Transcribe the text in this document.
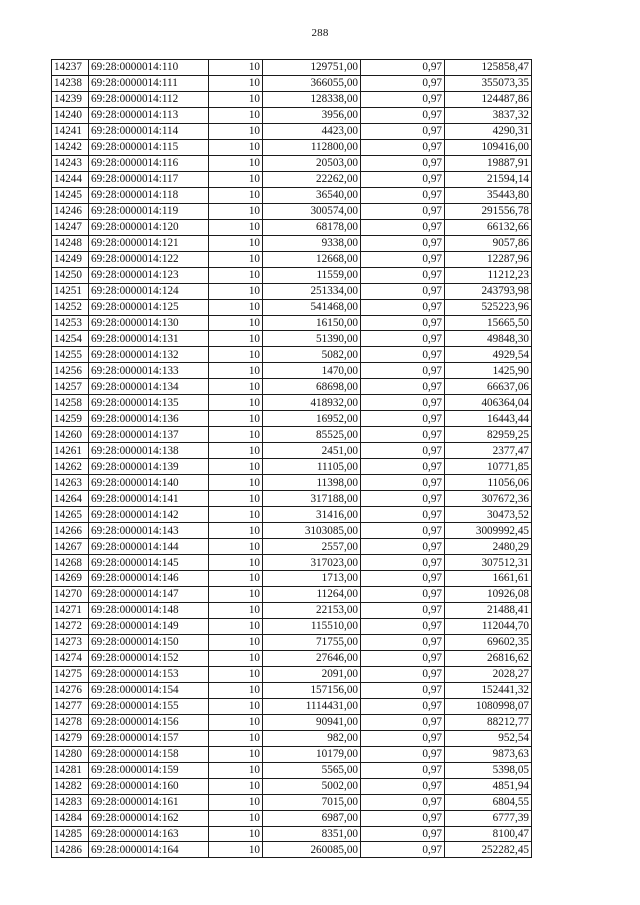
288
14237	69:28:0000014:110	10	129751,00	0,97	125858,47
14238	69:28:0000014:111	10	366055,00	0,97	355073,35
14239	69:28:0000014:112	10	128338,00	0,97	124487,86
14240	69:28:0000014:113	10	3956,00	0,97	3837,32
14241	69:28:0000014:114	10	4423,00	0,97	4290,31
14242	69:28:0000014:115	10	112800,00	0,97	109416,00
14243	69:28:0000014:116	10	20503,00	0,97	19887,91
14244	69:28:0000014:117	10	22262,00	0,97	21594,14
14245	69:28:0000014:118	10	36540,00	0,97	35443,80
14246	69:28:0000014:119	10	300574,00	0,97	291556,78
14247	69:28:0000014:120	10	68178,00	0,97	66132,66
14248	69:28:0000014:121	10	9338,00	0,97	9057,86
14249	69:28:0000014:122	10	12668,00	0,97	12287,96
14250	69:28:0000014:123	10	11559,00	0,97	11212,23
14251	69:28:0000014:124	10	251334,00	0,97	243793,98
14252	69:28:0000014:125	10	541468,00	0,97	525223,96
14253	69:28:0000014:130	10	16150,00	0,97	15665,50
14254	69:28:0000014:131	10	51390,00	0,97	49848,30
14255	69:28:0000014:132	10	5082,00	0,97	4929,54
14256	69:28:0000014:133	10	1470,00	0,97	1425,90
14257	69:28:0000014:134	10	68698,00	0,97	66637,06
14258	69:28:0000014:135	10	418932,00	0,97	406364,04
14259	69:28:0000014:136	10	16952,00	0,97	16443,44
14260	69:28:0000014:137	10	85525,00	0,97	82959,25
14261	69:28:0000014:138	10	2451,00	0,97	2377,47
14262	69:28:0000014:139	10	11105,00	0,97	10771,85
14263	69:28:0000014:140	10	11398,00	0,97	11056,06
14264	69:28:0000014:141	10	317188,00	0,97	307672,36
14265	69:28:0000014:142	10	31416,00	0,97	30473,52
14266	69:28:0000014:143	10	3103085,00	0,97	3009992,45
14267	69:28:0000014:144	10	2557,00	0,97	2480,29
14268	69:28:0000014:145	10	317023,00	0,97	307512,31
14269	69:28:0000014:146	10	1713,00	0,97	1661,61
14270	69:28:0000014:147	10	11264,00	0,97	10926,08
14271	69:28:0000014:148	10	22153,00	0,97	21488,41
14272	69:28:0000014:149	10	115510,00	0,97	112044,70
14273	69:28:0000014:150	10	71755,00	0,97	69602,35
14274	69:28:0000014:152	10	27646,00	0,97	26816,62
14275	69:28:0000014:153	10	2091,00	0,97	2028,27
14276	69:28:0000014:154	10	157156,00	0,97	152441,32
14277	69:28:0000014:155	10	1114431,00	0,97	1080998,07
14278	69:28:0000014:156	10	90941,00	0,97	88212,77
14279	69:28:0000014:157	10	982,00	0,97	952,54
14280	69:28:0000014:158	10	10179,00	0,97	9873,63
14281	69:28:0000014:159	10	5565,00	0,97	5398,05
14282	69:28:0000014:160	10	5002,00	0,97	4851,94
14283	69:28:0000014:161	10	7015,00	0,97	6804,55
14284	69:28:0000014:162	10	6987,00	0,97	6777,39
14285	69:28:0000014:163	10	8351,00	0,97	8100,47
14286	69:28:0000014:164	10	260085,00	0,97	252282,45
